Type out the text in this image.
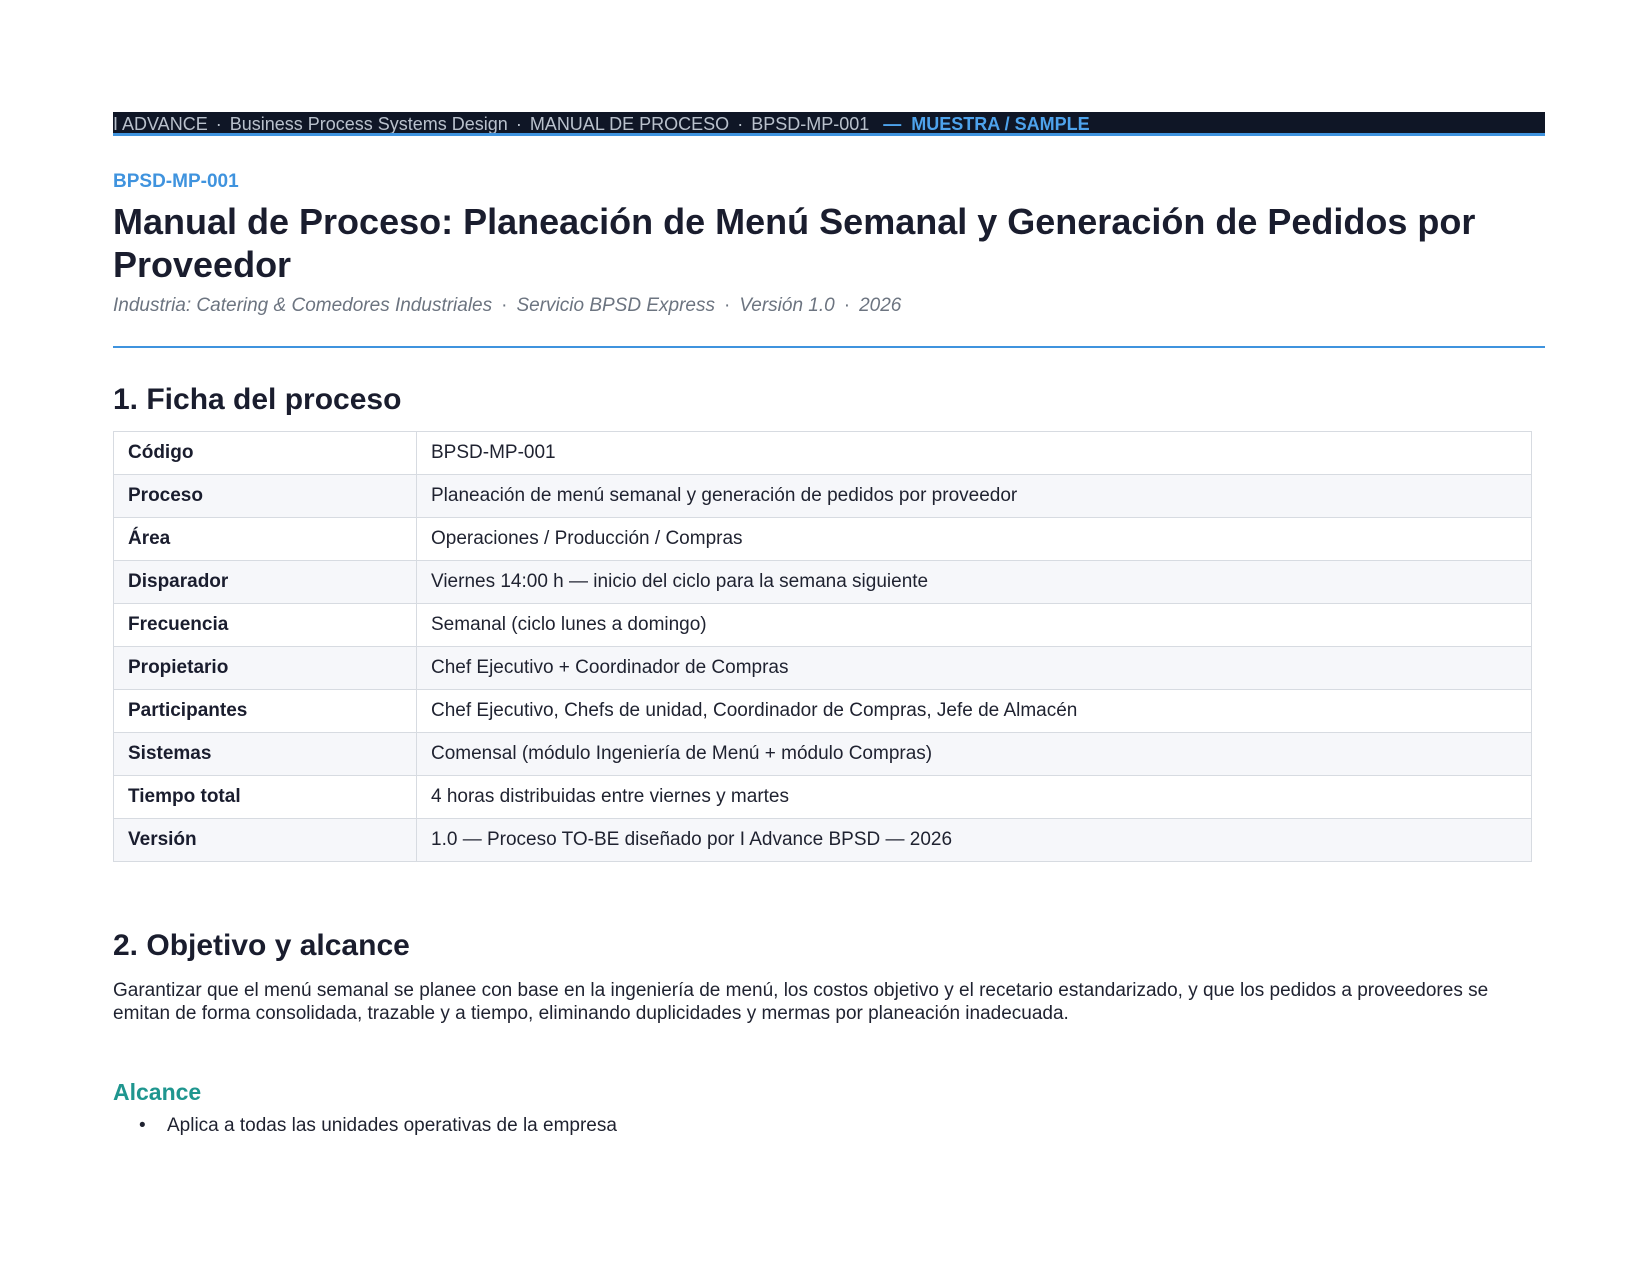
I ADVANCE · Business Process Systems Design · MANUAL DE PROCESO · BPSD-MP-001 — MUESTRA / SAMPLE
BPSD-MP-001
Manual de Proceso: Planeación de Menú Semanal y Generación de Pedidos por Proveedor
Industria: Catering & Comedores Industriales · Servicio BPSD Express · Versión 1.0 · 2026
1. Ficha del proceso
Código	BPSD-MP-001
Proceso	Planeación de menú semanal y generación de pedidos por proveedor
Área	Operaciones / Producción / Compras
Disparador	Viernes 14:00 h — inicio del ciclo para la semana siguiente
Frecuencia	Semanal (ciclo lunes a domingo)
Propietario	Chef Ejecutivo + Coordinador de Compras
Participantes	Chef Ejecutivo, Chefs de unidad, Coordinador de Compras, Jefe de Almacén
Sistemas	Comensal (módulo Ingeniería de Menú + módulo Compras)
Tiempo total	4 horas distribuidas entre viernes y martes
Versión	1.0 — Proceso TO-BE diseñado por I Advance BPSD — 2026
2. Objetivo y alcance

Garantizar que el menú semanal se planee con base en la ingeniería de menú, los costos objetivo y el recetario estandarizado, y que los pedidos a proveedores se emitan de forma consolidada, trazable y a tiempo, eliminando duplicidades y mermas por planeación inadecuada.

Alcance
• Aplica a todas las unidades operativas de la empresa
